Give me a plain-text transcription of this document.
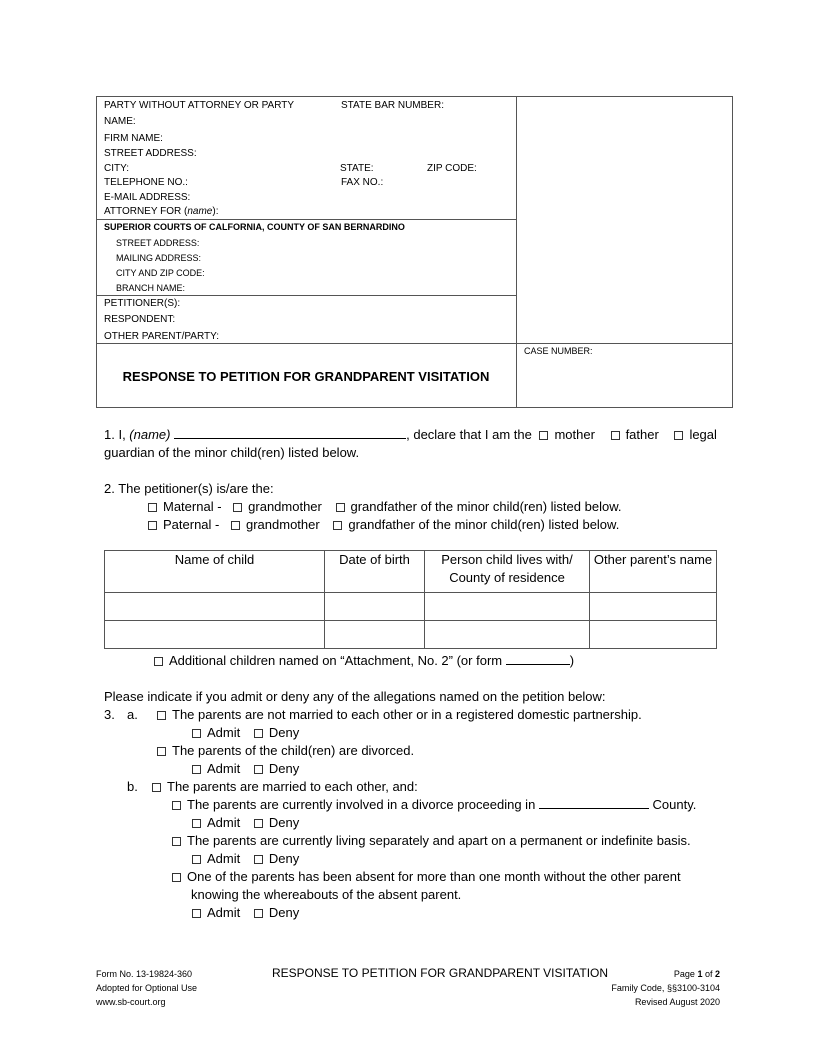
PARTY WITHOUT ATTORNEY OR PARTY	STATE BAR NUMBER:
NAME:
FIRM NAME:
STREET ADDRESS:
CITY:	STATE:	ZIP CODE:
TELEPHONE NO.:	FAX NO.:
E-MAIL ADDRESS:
ATTORNEY FOR (name):
SUPERIOR COURTS OF CALFORNIA, COUNTY OF SAN BERNARDINO
STREET ADDRESS:
MAILING ADDRESS:
CITY AND ZIP CODE:
BRANCH NAME:
PETITIONER(S):
RESPONDENT:
OTHER PARENT/PARTY:
CASE NUMBER:
RESPONSE TO PETITION FOR GRANDPARENT VISITATION
1. I, (name)	, declare that I am the mother father legal
guardian of the minor child(ren) listed below.
2. The petitioner(s) is/are the:
Maternal - grandmother grandfather of the minor child(ren) listed below.
Paternal - grandmother grandfather of the minor child(ren) listed below.
Name of child	Date of birth	Person child lives with/ County of residence	Other parent’s name

Additional children named on “Attachment, No. 2” (or form	)
Please indicate if you admit or deny any of the allegations named on the petition below:
3. a.	The parents are not married to each other or in a registered domestic partnership.
Admit Deny
The parents of the child(ren) are divorced.
Admit Deny
b.	The parents are married to each other, and:
The parents are currently involved in a divorce proceeding in	County.
Admit Deny
The parents are currently living separately and apart on a permanent or indefinite basis.
Admit Deny
One of the parents has been absent for more than one month without the other parent
knowing the whereabouts of the absent parent.
Admit Deny
Form No. 13-19824-360
Adopted for Optional Use
www.sb-court.org
RESPONSE TO PETITION FOR GRANDPARENT VISITATION	Page 1 of 2
Family Code, §§3100-3104
Revised August 2020
